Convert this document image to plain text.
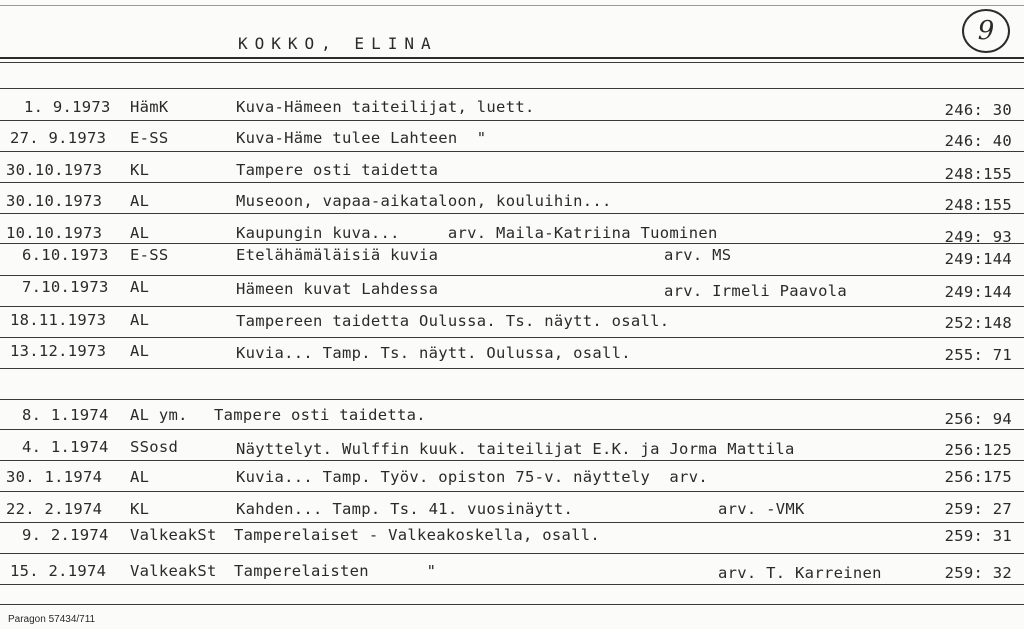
KOKKO, ELINA	9
1. 9.1973 HämK	Kuva-Hämeen taiteilijat, luett.	246: 30
27. 9.1973 E-SS	Kuva-Häme tulee Lahteen  "	246: 40
30.10.1973 KL	Tampere osti taidetta	248:155
30.10.1973 AL	Museoon, vapaa-aikataloon, kouluihin...	248:155
10.10.1973 AL	Kaupungin kuva...     arv. Maila-Katriina Tuominen	249: 93
6.10.1973 E-SS	Etelähämäläisiä kuvia	arv. MS	249:144
7.10.1973 AL	Hämeen kuvat Lahdessa	arv. Irmeli Paavola	249:144
18.11.1973 AL	Tampereen taidetta Oulussa. Ts. näytt. osall.	252:148
13.12.1973 AL	Kuvia... Tamp. Ts. näytt. Oulussa, osall.	255: 71
8. 1.1974 AL ym. Tampere osti taidetta.	256: 94
4. 1.1974 SSosd	Näyttelyt. Wulffin kuuk. taiteilijat E.K. ja Jorma Mattila	256:125
30. 1.1974 AL	Kuvia... Tamp. Työv. opiston 75-v. näyttely  arv.	256:175
22. 2.1974 KL	Kahden... Tamp. Ts. 41. vuosinäytt.	arv. -VMK	259: 27
9. 2.1974 ValkeakSt Tamperelaiset - Valkeakoskella, osall.	259: 31
15. 2.1974 ValkeakSt Tamperelaisten      "	arv. T. Karreinen	259: 32
Paragon 57434/711
